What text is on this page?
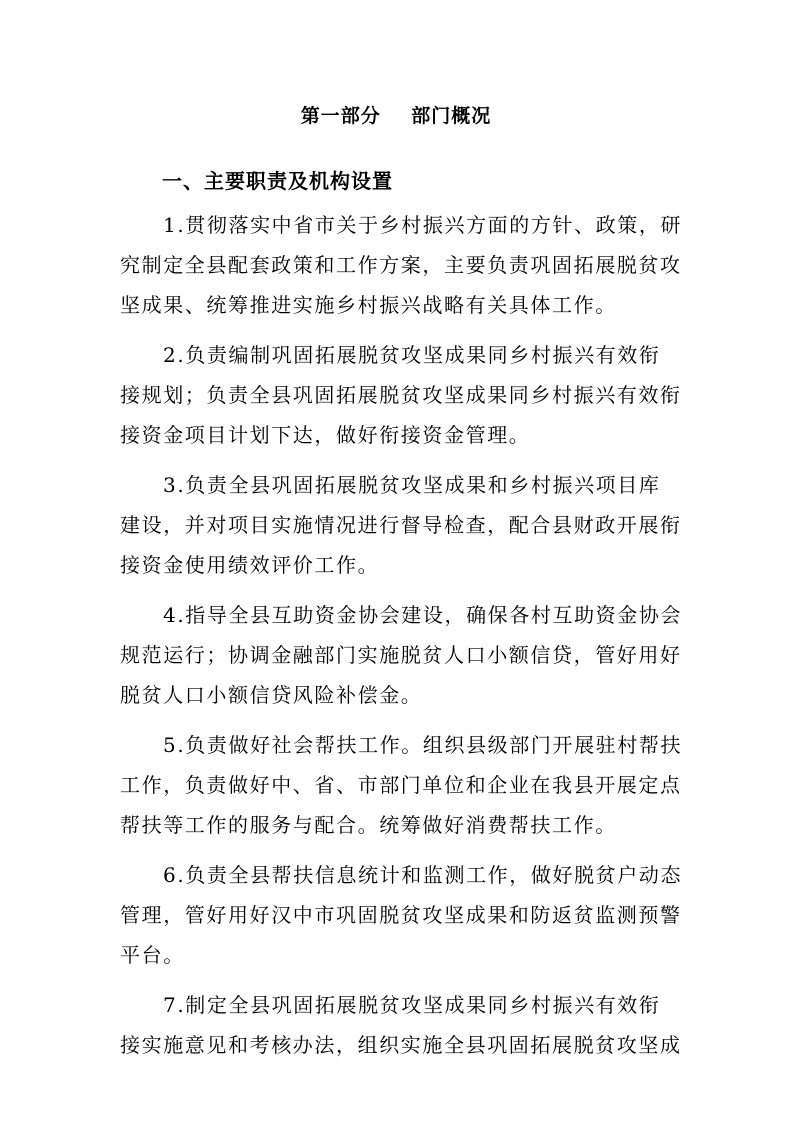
第一部分    部门概况
一、主要职责及机构设置

1.贯彻落实中省市关于乡村振兴方面的方针、政策，研
究制定全县配套政策和工作方案，主要负责巩固拓展脱贫攻
坚成果、统筹推进实施乡村振兴战略有关具体工作。

2.负责编制巩固拓展脱贫攻坚成果同乡村振兴有效衔
接规划；负责全县巩固拓展脱贫攻坚成果同乡村振兴有效衔
接资金项目计划下达，做好衔接资金管理。

3.负责全县巩固拓展脱贫攻坚成果和乡村振兴项目库
建设，并对项目实施情况进行督导检查，配合县财政开展衔
接资金使用绩效评价工作。

4.指导全县互助资金协会建设，确保各村互助资金协会
规范运行；协调金融部门实施脱贫人口小额信贷，管好用好
脱贫人口小额信贷风险补偿金。

5.负责做好社会帮扶工作。组织县级部门开展驻村帮扶
工作，负责做好中、省、市部门单位和企业在我县开展定点
帮扶等工作的服务与配合。统筹做好消费帮扶工作。

6.负责全县帮扶信息统计和监测工作，做好脱贫户动态
管理，管好用好汉中市巩固脱贫攻坚成果和防返贫监测预警
平台。

7.制定全县巩固拓展脱贫攻坚成果同乡村振兴有效衔
接实施意见和考核办法，组织实施全县巩固拓展脱贫攻坚成
